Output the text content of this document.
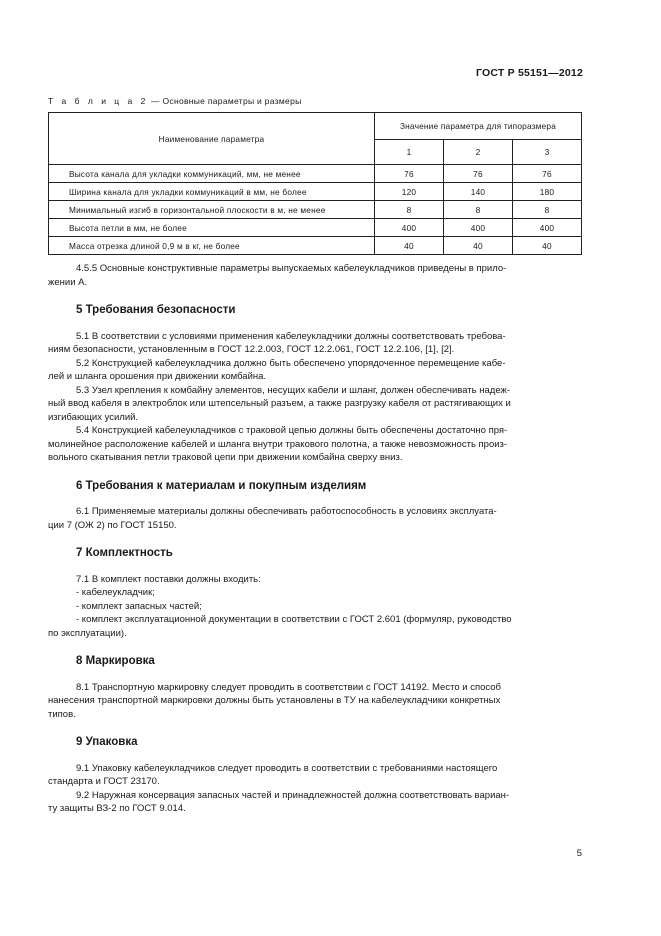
ГОСТ Р 55151—2012
Т а б л и ц а 2 — Основные параметры и размеры
Наименование параметра	Значение параметра для типоразмера		
	1	2	3
Высота канала для укладки коммуникаций, мм, не менее	76	76	76
Ширина канала для укладки коммуникаций в мм, не более	120	140	180
Минимальный изгиб в горизонтальной плоскости в м, не менее	8	8	8
Высота петли в мм, не более	400	400	400
Масса отрезка длиной 0,9 м в кг, не более	40	40	40

4.5.5 Основные конструктивные параметры выпускаемых кабелеукладчиков приведены в прило-
жении А.

5 Требования безопасности

5.1 В соответствии с условиями применения кабелеукладчики должны соответствовать требова-
ниям безопасности, установленным в ГОСТ 12.2.003, ГОСТ 12.2.061, ГОСТ 12.2.106, [1], [2].

5.2 Конструкцией кабелеукладчика должно быть обеспечено упорядоченное перемещение кабе-
лей и шланга орошения при движении комбайна.

5.3 Узел крепления к комбайну элементов, несущих кабели и шланг, должен обеспечивать надеж-
ный ввод кабеля в электроблок или штепсельный разъем, а также разгрузку кабеля от растягивающих и
изгибающих усилий.

5.4 Конструкцией кабелеукладчиков с траковой цепью должны быть обеспечены достаточно пря-
молинейное расположение кабелей и шланга внутри тракового полотна, а также невозможность произ-
вольного скатывания петли траковой цепи при движении комбайна сверху вниз.

6 Требования к материалам и покупным изделиям

6.1 Применяемые материалы должны обеспечивать работоспособность в условиях эксплуата-
ции 7 (ОЖ 2) по ГОСТ 15150.

7 Комплектность

7.1 В комплект поставки должны входить:

- кабелеукладчик;

- комплект запасных частей;

- комплект эксплуатационной документации в соответствии с ГОСТ 2.601 (формуляр, руководство
по эксплуатации).

8 Маркировка

8.1 Транспортную маркировку следует проводить в соответствии с ГОСТ 14192. Место и способ
нанесения транспортной маркировки должны быть установлены в ТУ на кабелеукладчики конкретных
типов.

9 Упаковка

9.1 Упаковку кабелеукладчиков следует проводить в соответствии с требованиями настоящего
стандарта и ГОСТ 23170.

9.2 Наружная консервация запасных частей и принадлежностей должна соответствовать вариан-
ту защиты ВЗ-2 по ГОСТ 9.014.

5
